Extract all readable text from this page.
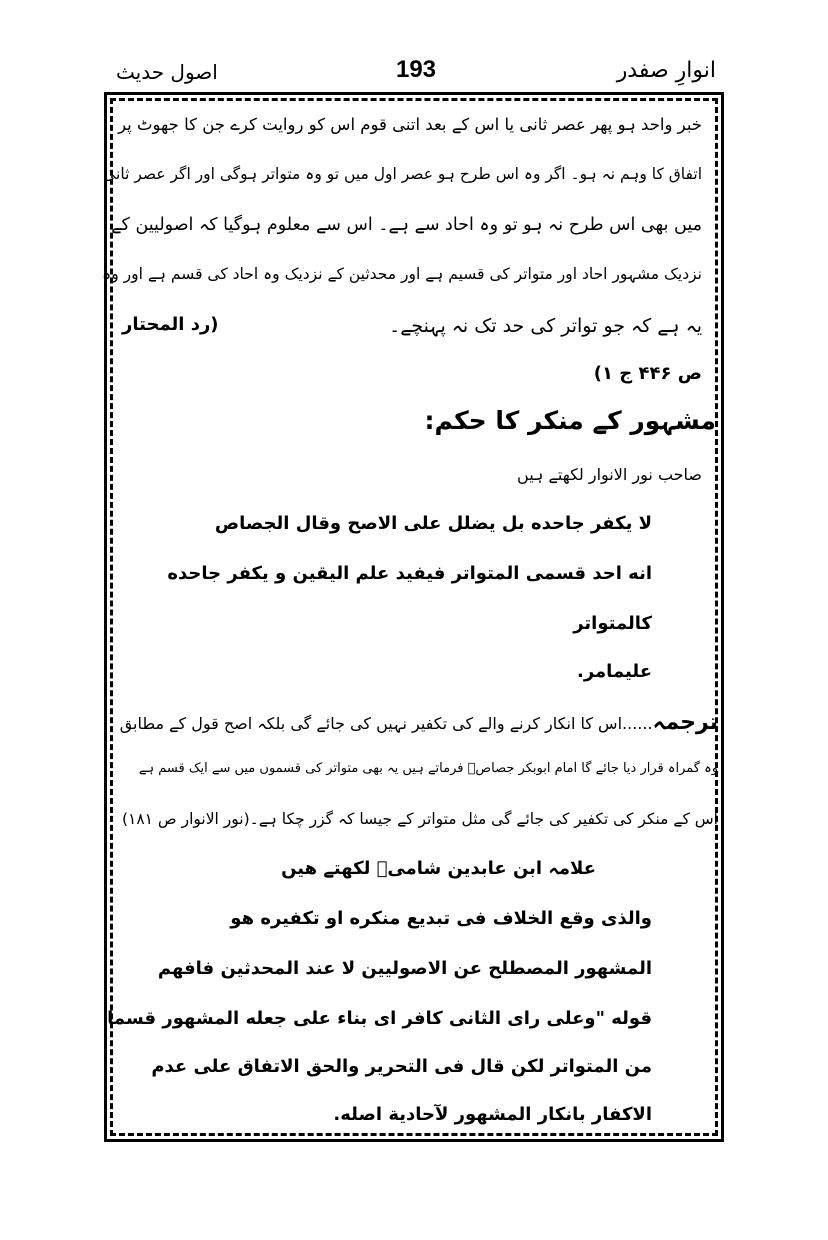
اصول حدیث	193	انوارِ صفدر
خبر واحد ہو پھر عصر ثانی یا اس کے بعد اتنی قوم اس کو روایت کرے جن کا جھوٹ پر
اتفاق کا وہم نہ ہو۔ اگر وہ اس طرح ہو عصر اول میں تو وہ متواتر ہوگی اور اگر عصر ثانی
میں بھی اس طرح نہ ہو تو وہ احاد سے ہے۔ اس سے معلوم ہوگیا کہ اصولیین کے
نزدیک مشہور احاد اور متواتر کی قسیم ہے اور محدثین کے نزدیک وہ احاد کی قسم ہے اور وہ
یہ ہے کہ جو تواتر کی حد تک نہ پہنچے۔
(رد المحتار
ص ۴۴۶ ج ۱)
مشہور کے منکر کا حکم:
صاحب نور الانوار لکھتے ہیں
لا يكفر جاحده بل يضلل على الاصح وقال الجصاص
انه احد قسمى المتواتر فيفيد علم اليقين و يكفر جاحده
كالمتواتر
عليمامر.
ترجمہ......اس کا انکار کرنے والے کی تکفیر نہیں کی جائے گی بلکہ اصح قول کے مطابق
وہ گمراہ قرار دیا جائے گا امام ابوبکر جصاصؒ فرماتے ہیں یہ بھی متواتر کی قسموں میں سے ایک قسم ہے
اس کے منکر کی تکفیر کی جائے گی مثل متواتر کے جیسا کہ گزر چکا ہے۔(نور الانوار ص ۱۸۱)
علامہ ابن عابدین شامیؒ لکھتے ھیں
والذى وقع الخلاف فى تبديع منكره او تكفيره هو
المشهور المصطلح عن الاصوليين لا عند المحدثين فافهم
قوله "وعلى راى الثانى كافر اى بناء على جعله المشهور قسما
من المتواتر لكن قال فى التحرير والحق الاتفاق على عدم
الاكفار بانكار المشهور لآحادية اصله.
